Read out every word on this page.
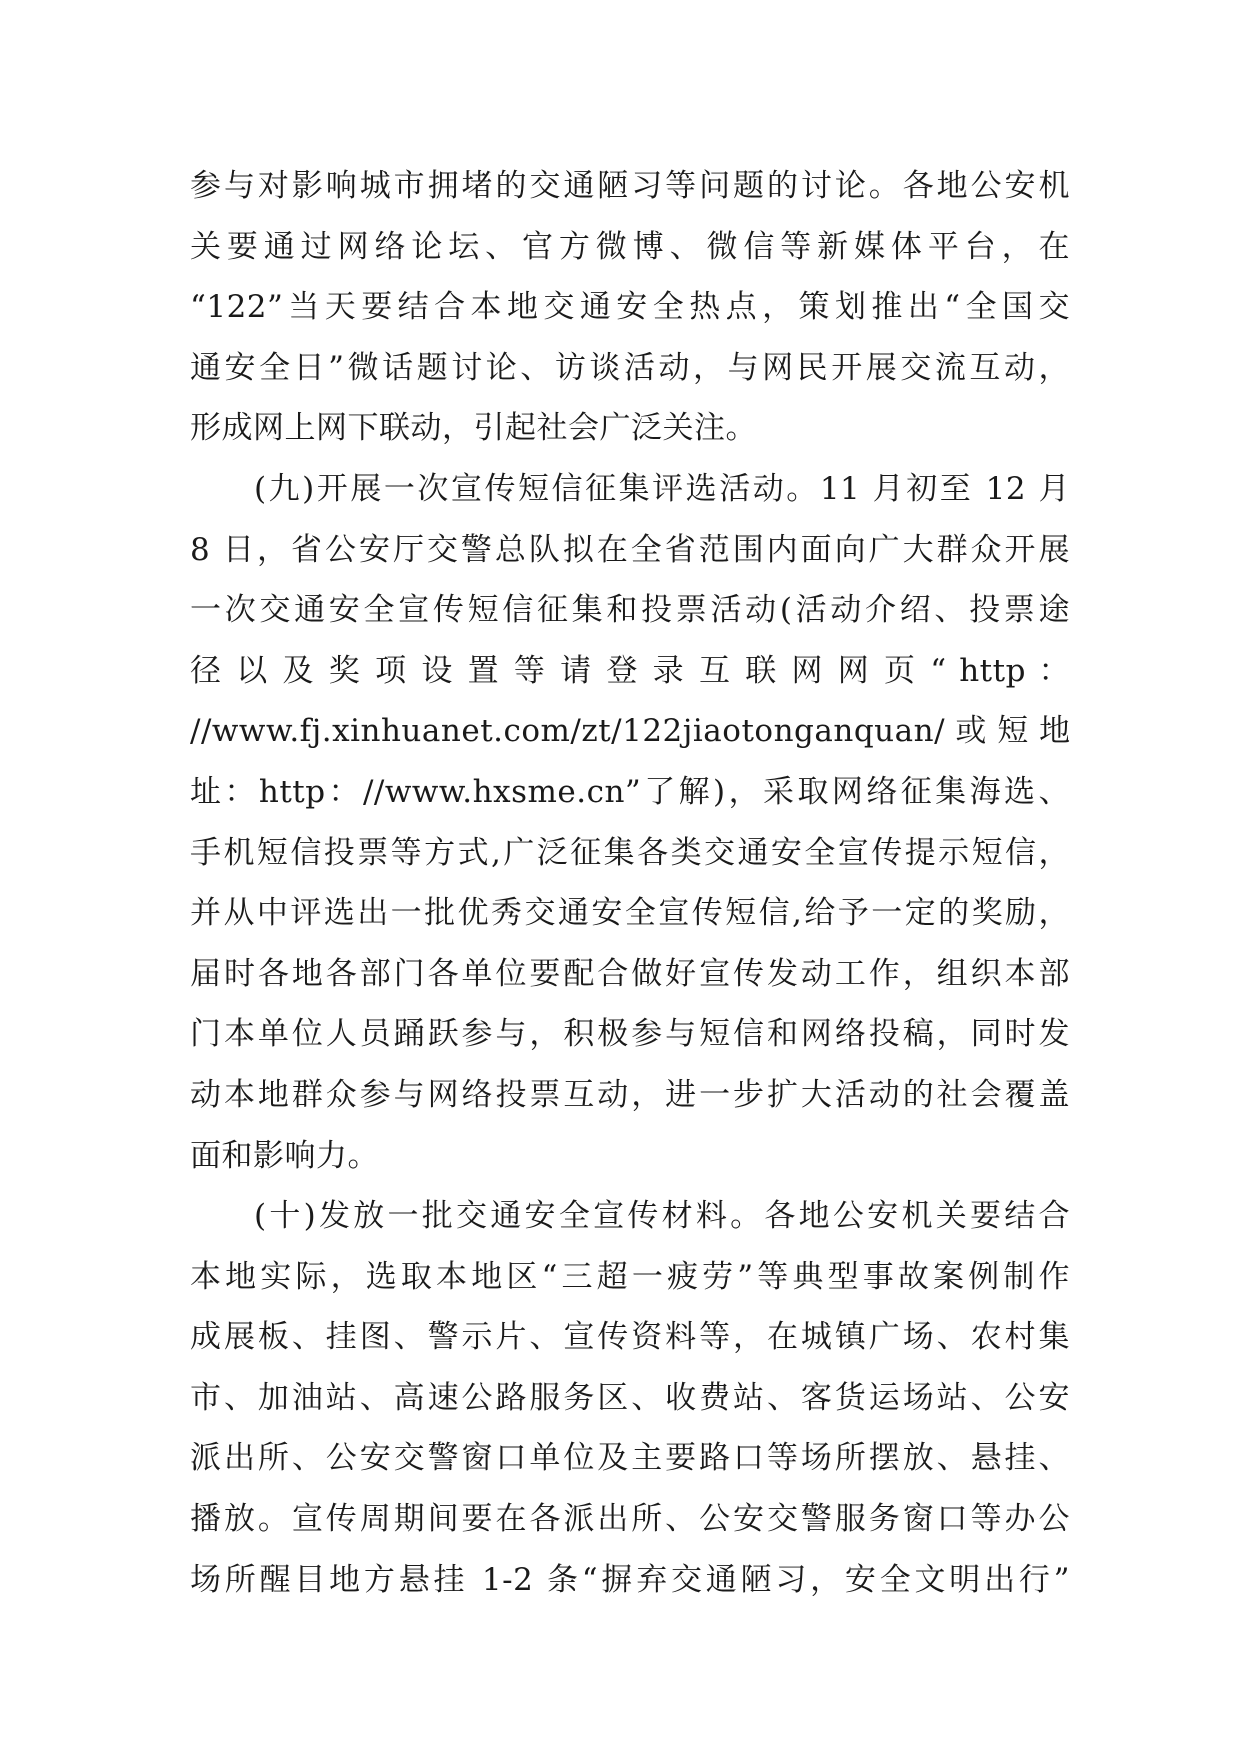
参与对影响城市拥堵的交通陋习等问题的讨论。各地公安机
关要通过网络论坛、官方微博、微信等新媒体平台，在
“122”当天要结合本地交通安全热点，策划推出“全国交
通安全日”微话题讨论、访谈活动，与网民开展交流互动，
形成网上网下联动，引起社会广泛关注。
(九)开展一次宣传短信征集评选活动。11 月初至 12 月
8 日，省公安厅交警总队拟在全省范围内面向广大群众开展
一次交通安全宣传短信征集和投票活动(活动介绍、投票途
径 以 及 奖 项 设 置 等 请 登 录 互 联 网 网 页 “ http ：
//www.fj.xinhuanet.com/zt/122jiaotonganquan/ 或 短 地
址：http：//www.hxsme.cn”了解)，采取网络征集海选、
手机短信投票等方式,广泛征集各类交通安全宣传提示短信，
并从中评选出一批优秀交通安全宣传短信,给予一定的奖励，
届时各地各部门各单位要配合做好宣传发动工作，组织本部
门本单位人员踊跃参与，积极参与短信和网络投稿，同时发
动本地群众参与网络投票互动，进一步扩大活动的社会覆盖
面和影响力。
(十)发放一批交通安全宣传材料。各地公安机关要结合
本地实际，选取本地区“三超一疲劳”等典型事故案例制作
成展板、挂图、警示片、宣传资料等，在城镇广场、农村集
市、加油站、高速公路服务区、收费站、客货运场站、公安
派出所、公安交警窗口单位及主要路口等场所摆放、悬挂、
播放。宣传周期间要在各派出所、公安交警服务窗口等办公
场所醒目地方悬挂 1-2 条“摒弃交通陋习，安全文明出行”
